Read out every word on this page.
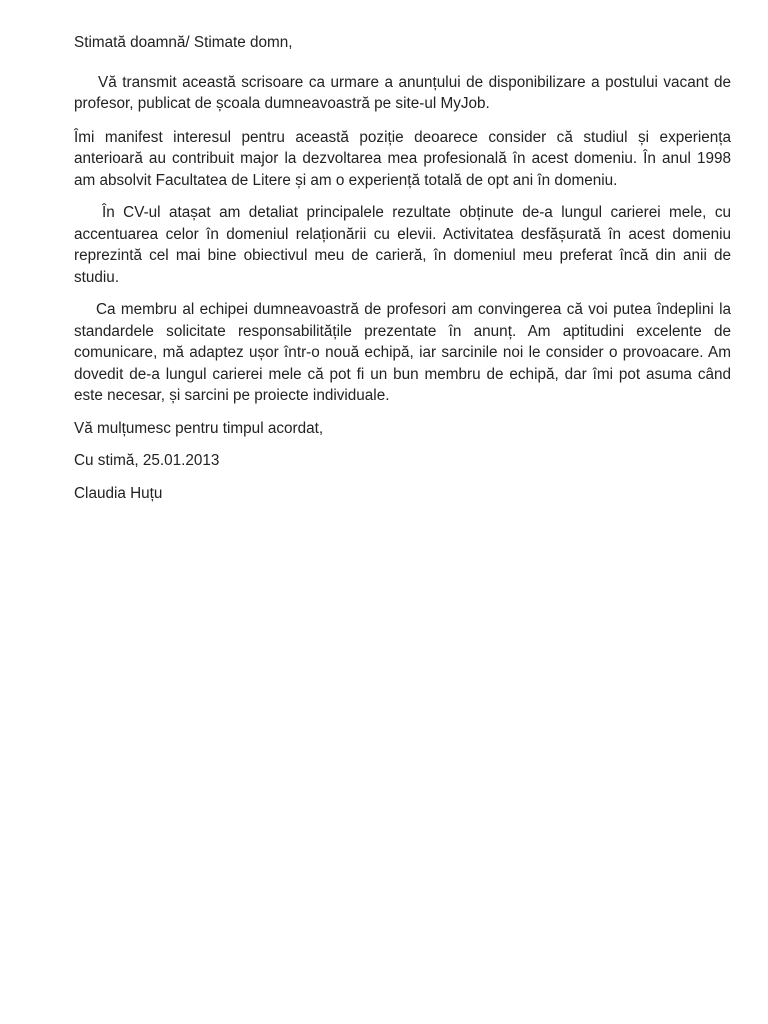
Stimată doamnă/ Stimate domn,

Vă transmit această scrisoare ca urmare a anunțului de disponibilizare a postului vacant de profesor, publicat de școala dumneavoastră pe site-ul MyJob.

Îmi manifest interesul pentru această poziție deoarece consider că studiul și experiența anterioară au contribuit major la dezvoltarea mea profesională în acest domeniu. În anul 1998 am absolvit Facultatea de Litere și am o experiență totală de opt ani în domeniu.

În CV-ul atașat am detaliat principalele rezultate obținute de-a lungul carierei mele, cu accentuarea celor în domeniul relaționării cu elevii. Activitatea desfășurată în acest domeniu reprezintă cel mai bine obiectivul meu de carieră, în domeniul meu preferat încă din anii de studiu.

Ca membru al echipei dumneavoastră de profesori am convingerea că voi putea îndeplini la standardele solicitate responsabilitățile prezentate în anunț. Am aptitudini excelente de comunicare, mă adaptez ușor într-o nouă echipă, iar sarcinile noi le consider o provoacare. Am dovedit de-a lungul carierei mele că pot fi un bun membru de echipă, dar îmi pot asuma când este necesar, și sarcini pe proiecte individuale.

Vă mulțumesc pentru timpul acordat,

Cu stimă, 25.01.2013

Claudia Huțu
